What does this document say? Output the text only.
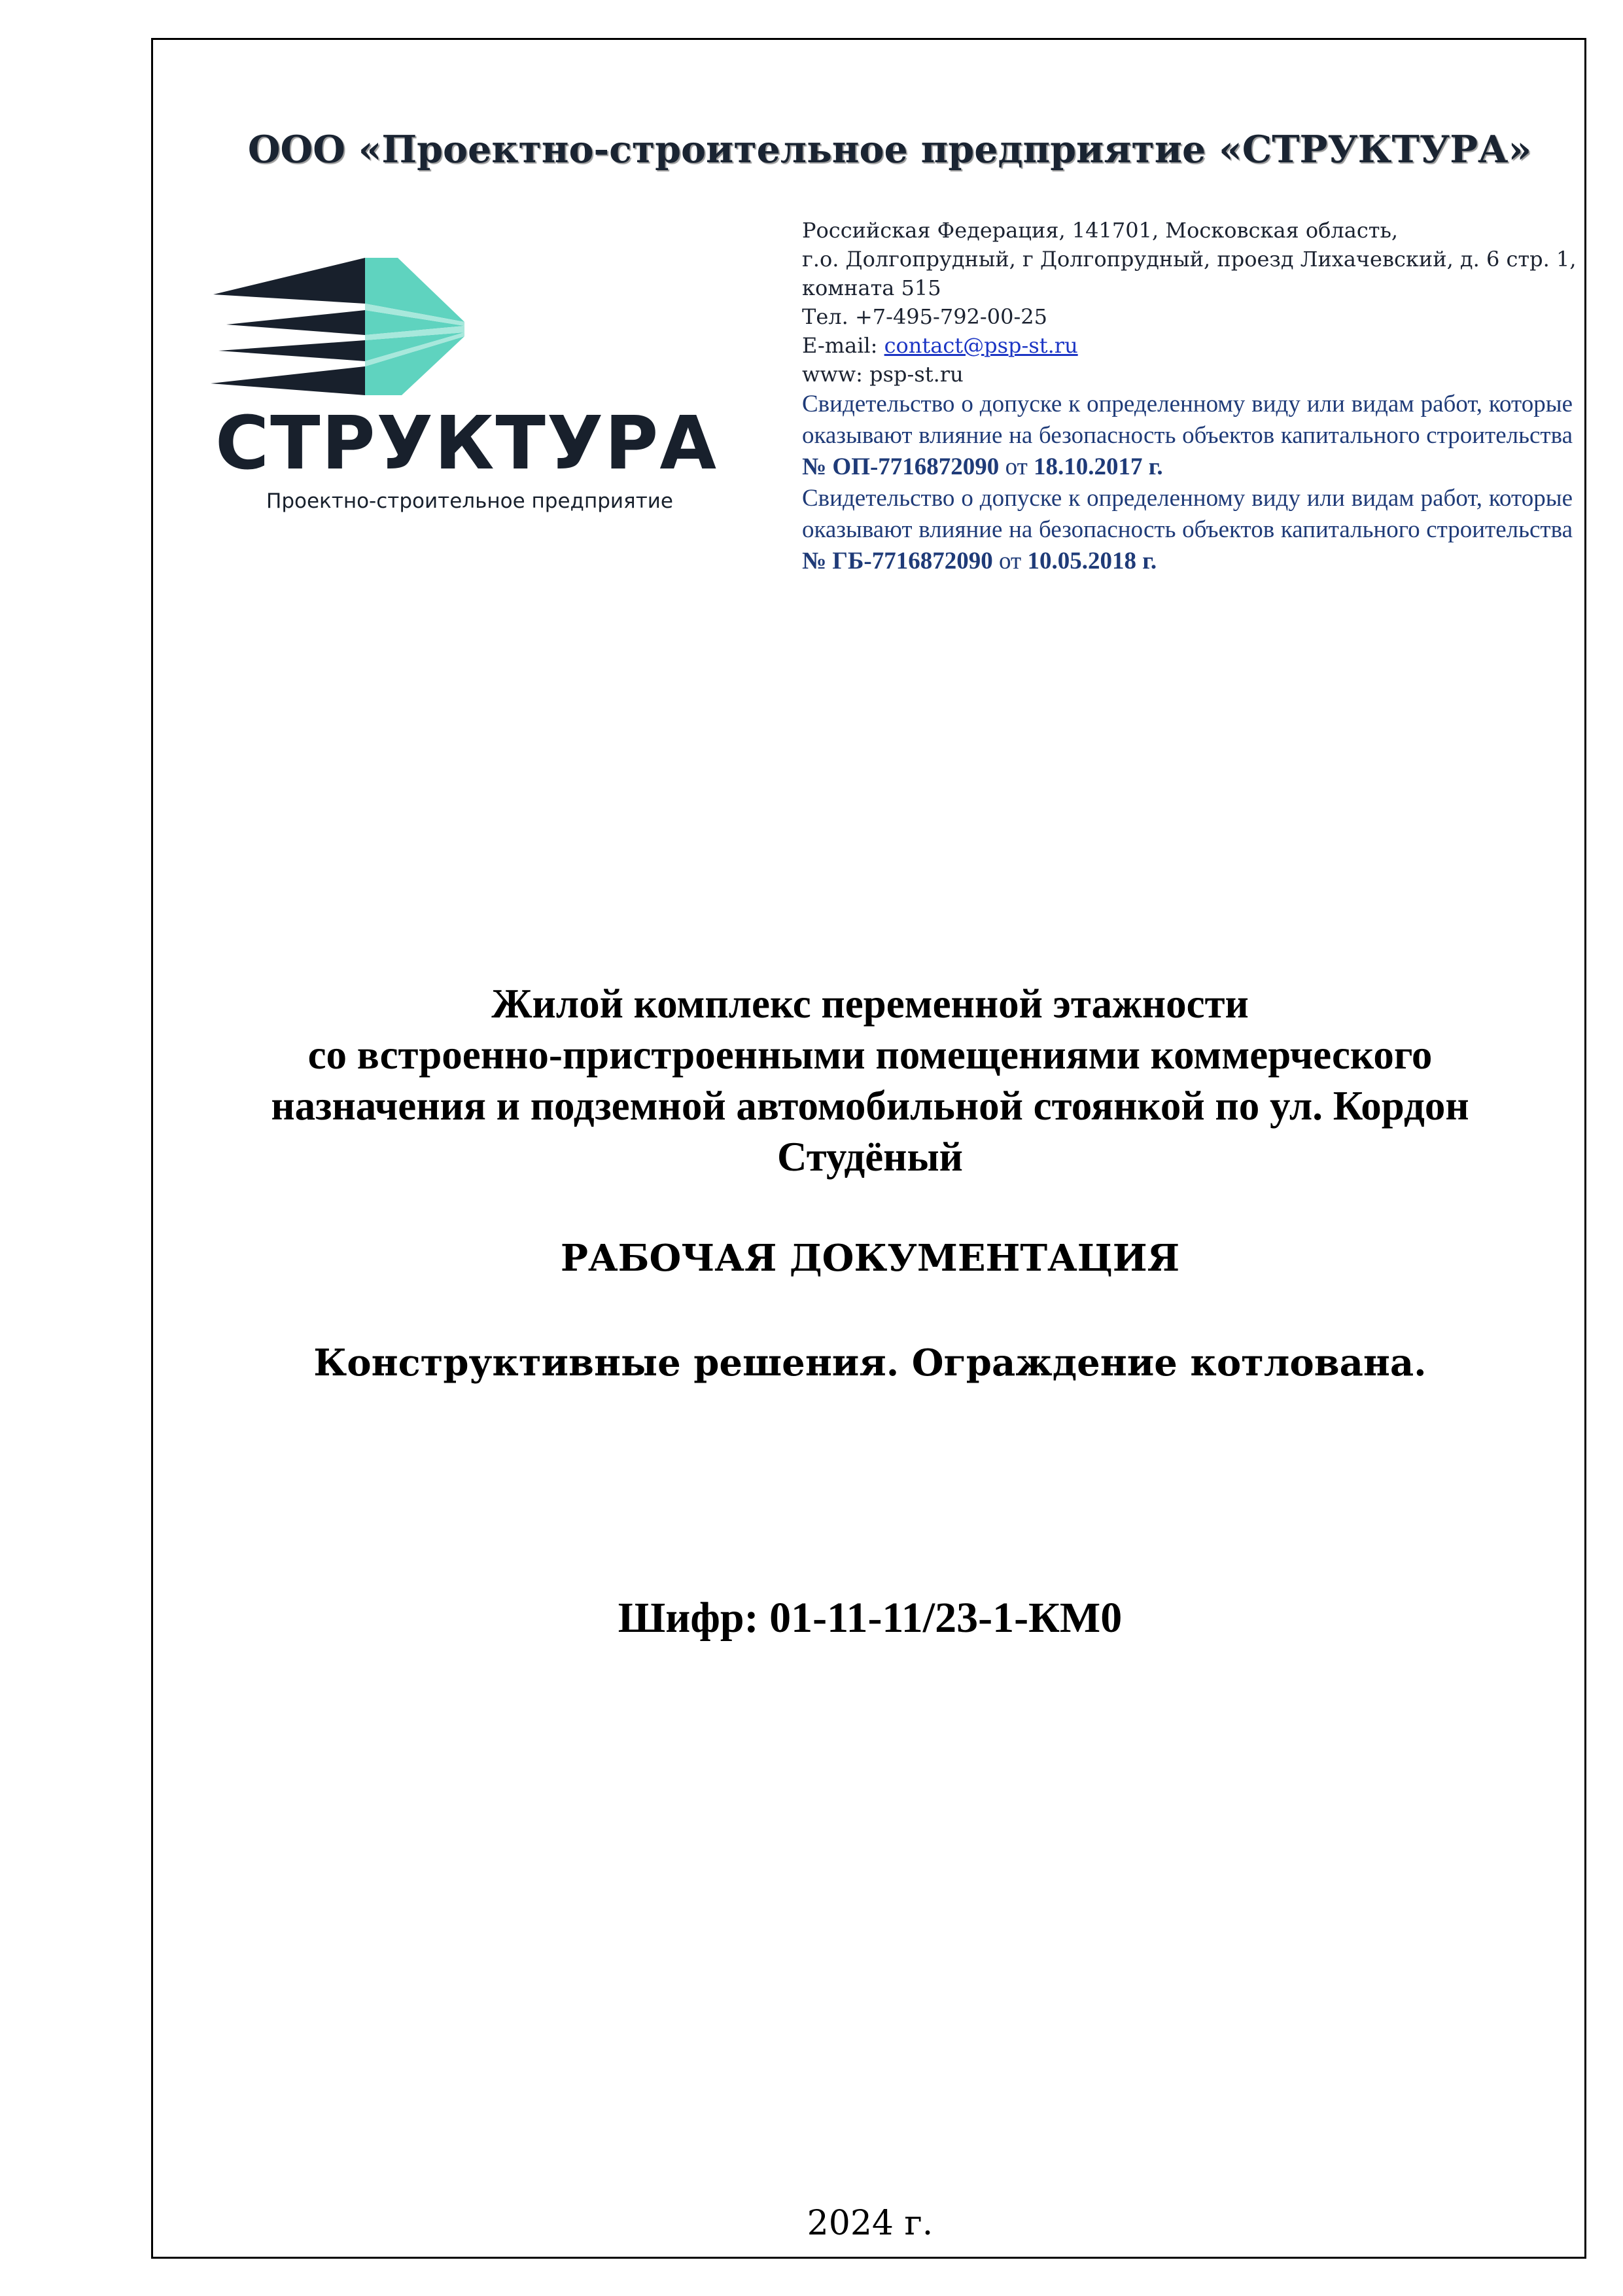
ООО «Проектно-строительное предприятие «СТРУКТУРА»
СТРУКТУРА
Проектно-строительное предприятие
Российская Федерация, 141701, Московская область,
г.о. Долгопрудный, г Долгопрудный, проезд Лихачевский, д. 6 стр. 1,
комната 515
Тел. +7-495-792-00-25
E-mail: contact@psp-st.ru
www: psp-st.ru
Свидетельство о допуске к определенному виду или видам работ, которые оказывают влияние на безопасность объектов капитального строительства № ОП-7716872090 от 18.10.2017 г.
Свидетельство о допуске к определенному виду или видам работ, которые оказывают влияние на безопасность объектов капитального строительства № ГБ-7716872090 от 10.05.2018 г.
Жилой комплекс переменной этажности
со встроенно-пристроенными помещениями коммерческого
назначения и подземной автомобильной стоянкой по ул. Кордон
Студёный
РАБОЧАЯ ДОКУМЕНТАЦИЯ
Конструктивные решения. Ограждение котлована.
Шифр: 01-11-11/23-1-КМ0
2024 г.
